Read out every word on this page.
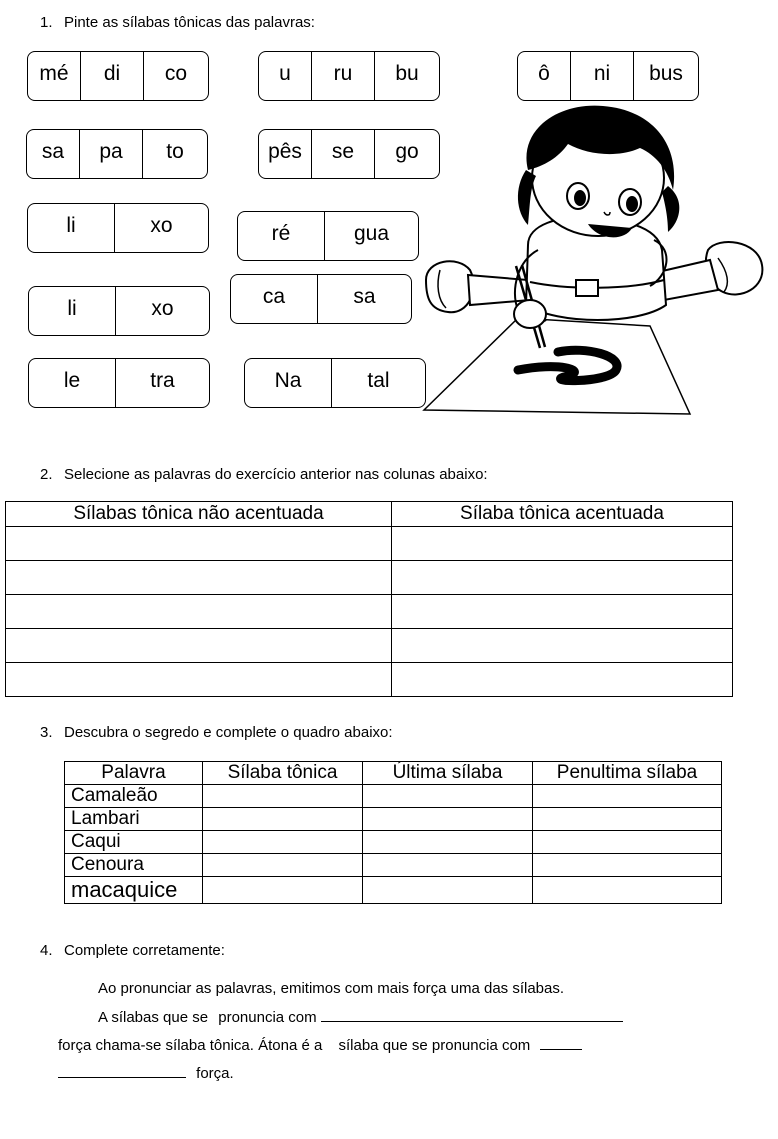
1. Pinte as sílabas tônicas das palavras:
mé	di	co	u	ru	bu	ô	ni	bus
sa	pa	to	pês	se	go
li	xo	ré	gua
li	xo
ca	sa
le	tra	Na	tal
2. Selecione as palavras do exercício anterior nas colunas abaixo:
Sílabas tônica não acentuada	Sílaba tônica acentuada

3. Descubra o segredo e complete o quadro abaixo:
Palavra	Sílaba tônica	Última sílaba	Penultima sílaba
Camaleão			
Lambari			
Caqui			
Cenoura			
macaquice			
4. Complete corretamente:
Ao pronunciar as palavras, emitimos com mais força uma das sílabas.
A sílabas que se pronuncia com
força chama-se sílaba tônica. Átona é a sílaba que se pronuncia com
força.
